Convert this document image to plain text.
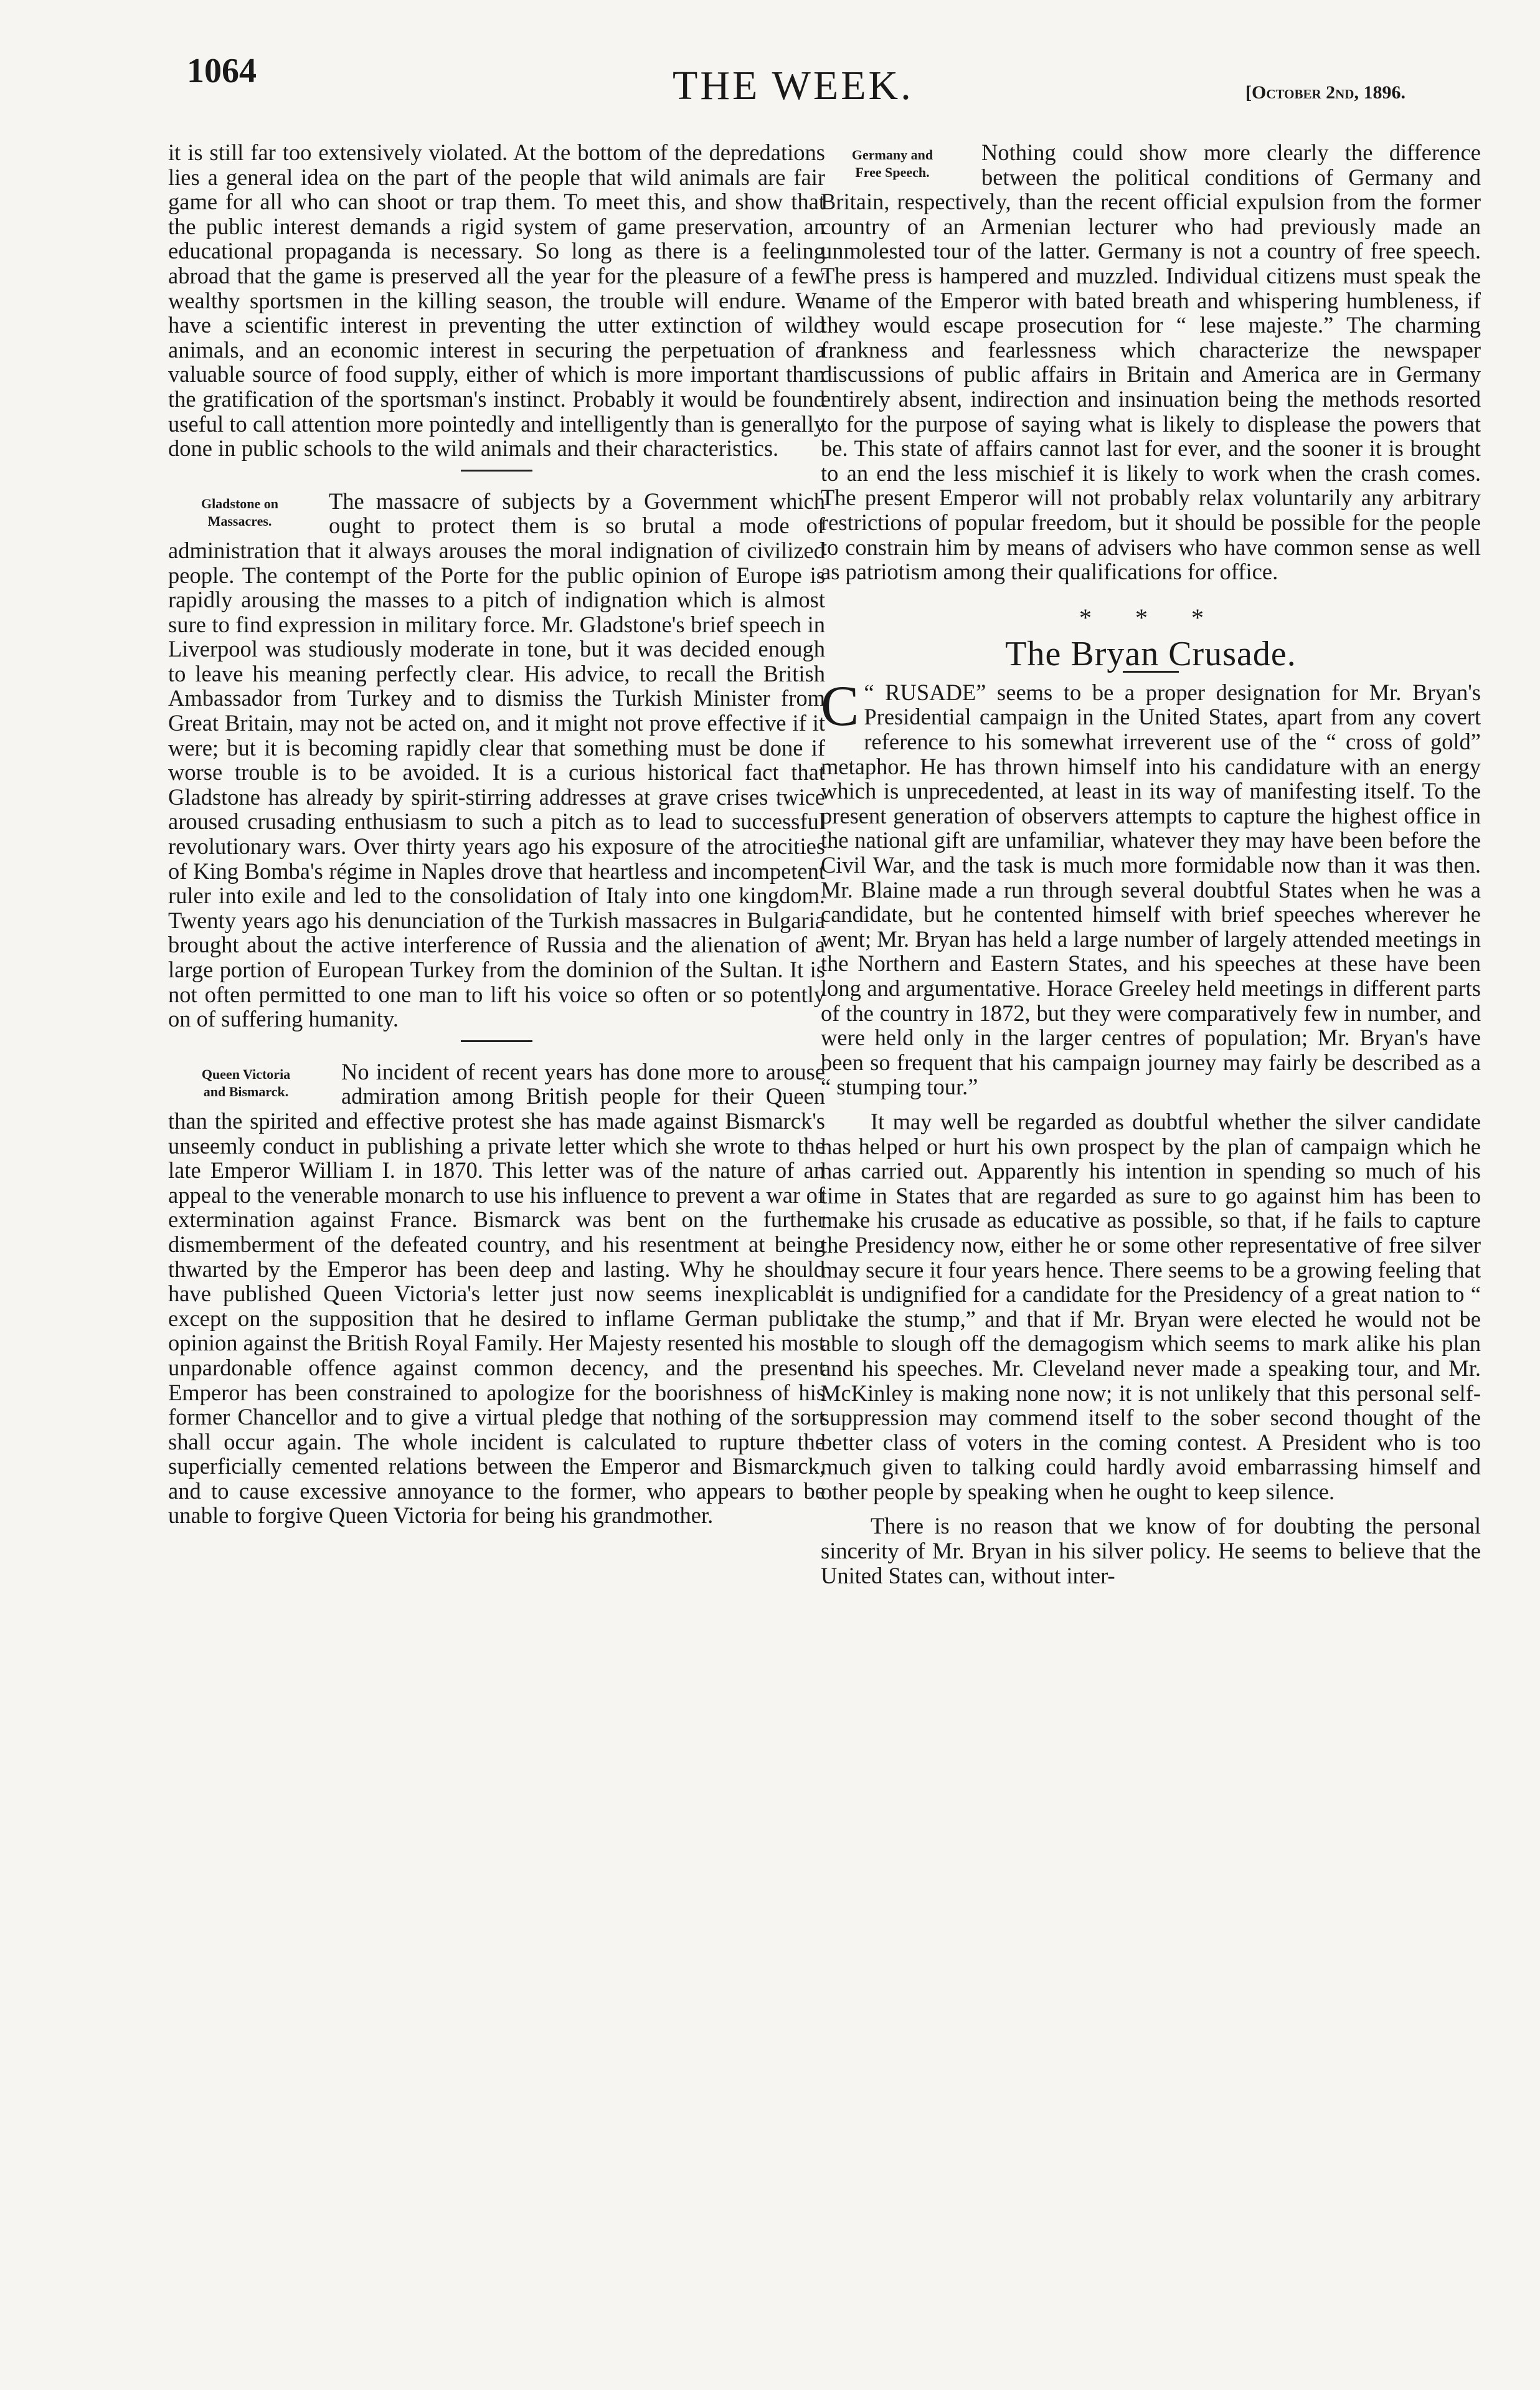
1064	THE WEEK.	[October 2nd, 1896.

it is still far too extensively violated. At the bottom of the depredations lies a general idea on the part of the people that wild animals are fair game for all who can shoot or trap them. To meet this, and show that the public interest demands a rigid system of game preservation, an educational propaganda is necessary. So long as there is a feeling abroad that the game is preserved all the year for the pleasure of a few wealthy sportsmen in the killing season, the trouble will endure. We have a scientific interest in preventing the utter extinction of wild animals, and an economic interest in securing the perpetuation of a valuable source of food supply, either of which is more important than the gratification of the sportsman's instinct. Probably it would be found useful to call attention more pointedly and intelligently than is generally done in public schools to the wild animals and their characteristics.

Gladstone on
Massacres.

The massacre of subjects by a Government which ought to protect them is so brutal a mode of administration that it always arouses the moral indignation of civilized people. The contempt of the Porte for the public opinion of Europe is rapidly arousing the masses to a pitch of indignation which is almost sure to find expression in military force. Mr. Gladstone's brief speech in Liverpool was studiously moderate in tone, but it was decided enough to leave his meaning perfectly clear. His advice, to recall the British Ambassador from Turkey and to dismiss the Turkish Minister from Great Britain, may not be acted on, and it might not prove effective if it were; but it is becoming rapidly clear that something must be done if worse trouble is to be avoided. It is a curious historical fact that Gladstone has already by spirit-stirring addresses at grave crises twice aroused crusading enthusiasm to such a pitch as to lead to successful revolutionary wars. Over thirty years ago his exposure of the atrocities of King Bomba's régime in Naples drove that heartless and incompetent ruler into exile and led to the consolidation of Italy into one kingdom. Twenty years ago his denunciation of the Turkish massacres in Bulgaria brought about the active interference of Russia and the alienation of a large portion of European Turkey from the dominion of the Sultan. It is not often permitted to one man to lift his voice so often or so potently on of suffering humanity.

Queen Victoria
and Bismarck.

No incident of recent years has done more to arouse admiration among British people for their Queen than the spirited and effective protest she has made against Bismarck's unseemly conduct in publishing a private letter which she wrote to the late Emperor William I. in 1870. This letter was of the nature of an appeal to the venerable monarch to use his influence to prevent a war of extermination against France. Bismarck was bent on the further dismemberment of the defeated country, and his resentment at being thwarted by the Emperor has been deep and lasting. Why he should have published Queen Victoria's letter just now seems inexplicable except on the supposition that he desired to inflame German public opinion against the British Royal Family. Her Majesty resented his most unpardonable offence against common decency, and the present Emperor has been constrained to apologize for the boorishness of his former Chancellor and to give a virtual pledge that nothing of the sort shall occur again. The whole incident is calculated to rupture the superficially cemented relations between the Emperor and Bismarck, and to cause excessive annoyance to the former, who appears to be unable to forgive Queen Victoria for being his grandmother.

Germany and
Free Speech.

Nothing could show more clearly the difference between the political conditions of Germany and Britain, respectively, than the recent official expulsion from the former country of an Armenian lecturer who had previously made an unmolested tour of the latter. Germany is not a country of free speech. The press is hampered and muzzled. Individual citizens must speak the name of the Emperor with bated breath and whispering humbleness, if they would escape prosecution for “ lese majeste.” The charming frankness and fearlessness which characterize the newspaper discussions of public affairs in Britain and America are in Germany entirely absent, indirection and insinuation being the methods resorted to for the purpose of saying what is likely to displease the powers that be. This state of affairs cannot last for ever, and the sooner it is brought to an end the less mischief it is likely to work when the crash comes. The present Emperor will not probably relax voluntarily any arbitrary restrictions of popular freedom, but it should be possible for the people to constrain him by means of advisers who have common sense as well as patriotism among their qualifications for office.

* * *
The Bryan Crusade.

“
C RUSADE” seems to be a proper designation for Mr. Bryan's Presidential campaign in the United States, apart from any covert reference to his somewhat irreverent use of the “ cross of gold” metaphor. He has thrown himself into his candidature with an energy which is unprecedented, at least in its way of manifesting itself. To the present generation of observers attempts to capture the highest office in the national gift are unfamiliar, whatever they may have been before the Civil War, and the task is much more formidable now than it was then. Mr. Blaine made a run through several doubtful States when he was a candidate, but he contented himself with brief speeches wherever he went; Mr. Bryan has held a large number of largely attended meetings in the Northern and Eastern States, and his speeches at these have been long and argumentative. Horace Greeley held meetings in different parts of the country in 1872, but they were comparatively few in number, and were held only in the larger centres of population; Mr. Bryan's have been so frequent that his campaign journey may fairly be described as a “ stumping tour.”

It may well be regarded as doubtful whether the silver candidate has helped or hurt his own prospect by the plan of campaign which he has carried out. Apparently his intention in spending so much of his time in States that are regarded as sure to go against him has been to make his crusade as educative as possible, so that, if he fails to capture the Presidency now, either he or some other representative of free silver may secure it four years hence. There seems to be a growing feeling that it is undignified for a candidate for the Presidency of a great nation to “ take the stump,” and that if Mr. Bryan were elected he would not be able to slough off the demagogism which seems to mark alike his plan and his speeches. Mr. Cleveland never made a speaking tour, and Mr. McKinley is making none now; it is not unlikely that this personal self-suppression may commend itself to the sober second thought of the better class of voters in the coming contest. A President who is too much given to talking could hardly avoid embarrassing himself and other people by speaking when he ought to keep silence.

There is no reason that we know of for doubting the personal sincerity of Mr. Bryan in his silver policy. He seems to believe that the United States can, without inter-
